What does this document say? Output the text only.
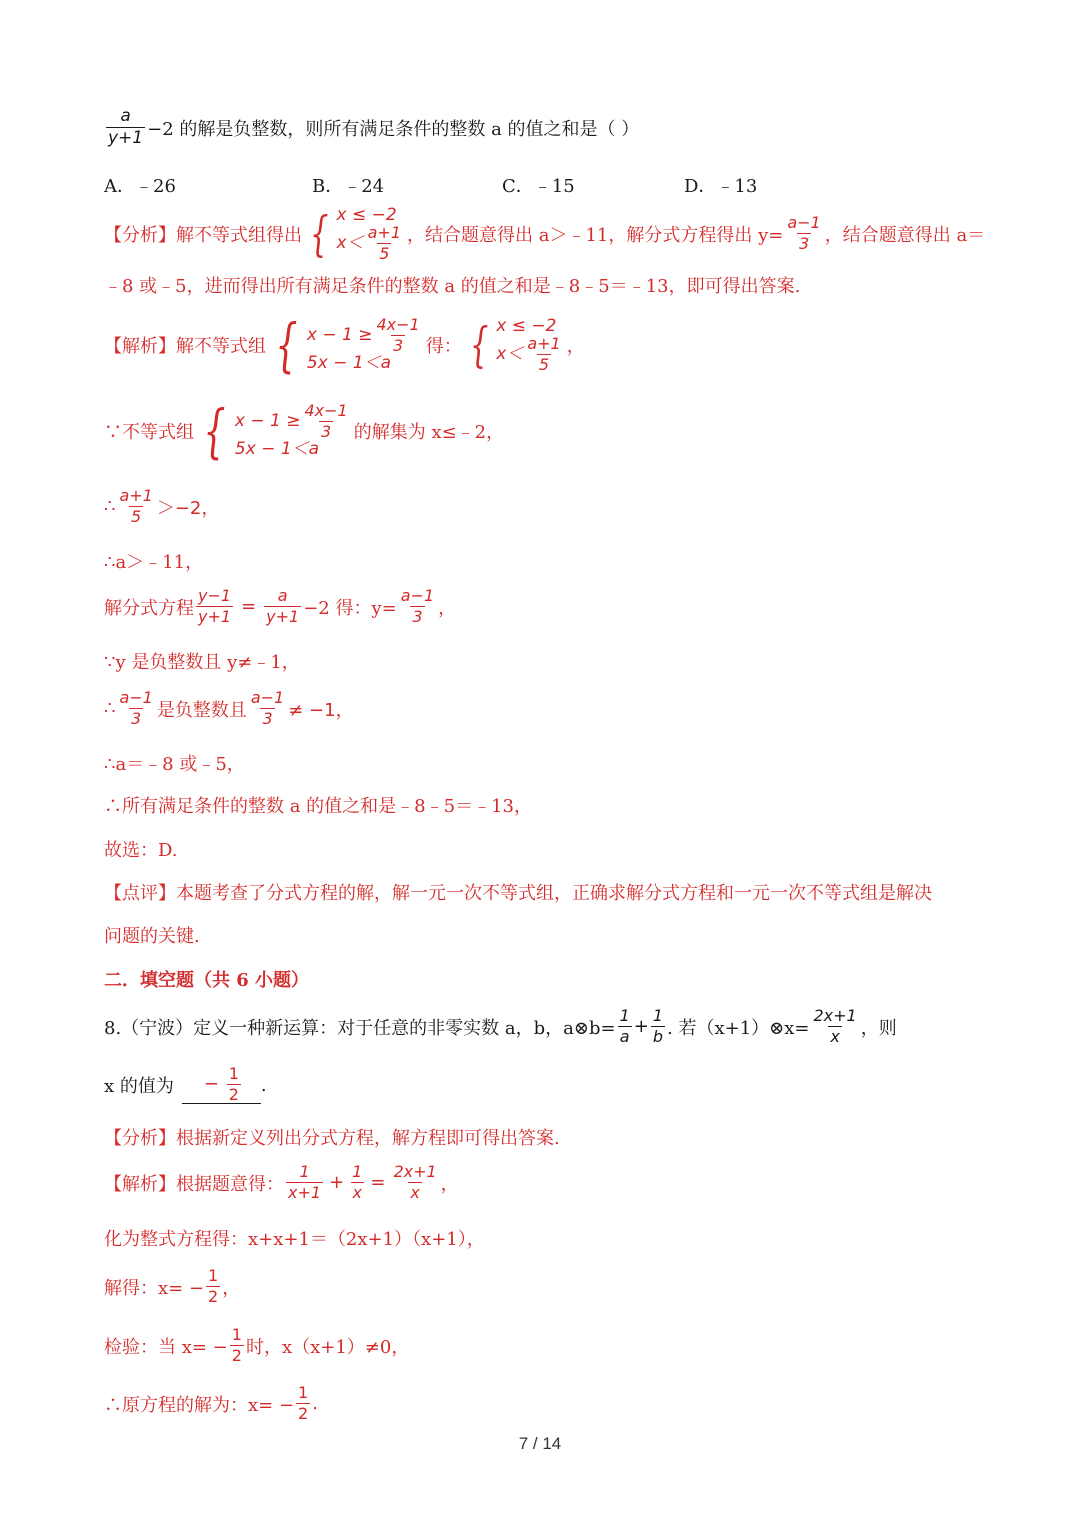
$\frac{a}{y+1} -2$ 的解是负整数，则所有满足条件的整数 a 的值之和是（ ）
A．﹣26	B．﹣24	C．﹣15	D．﹣13
【分析】 解不等式组得出 { x ≤ −2
$x< \frac{a+1}{5}$ ，结合题意得出 a＞﹣11，解分式方程得出 $y= \frac{a-1}{3}$ ，结合题意得出 a＝
﹣8 或﹣5，进而得出所有满足条件的整数 a 的值之和是﹣8﹣5＝﹣13，即可得出答案.
【解析】 解不等式组 { $x - 1 \ge \frac{4x-1}{3}$
5x − 1＜a
得： { x ≤ −2
$x< \frac{a+1}{5}$ ，
∵不等式组 { $x - 1 \ge \frac{4x-1}{3}$
5x − 1＜a
的解集为 x≤﹣2，
∴ $\frac{a+1}{5} >-2$，
∴a＞﹣11，
解分式方程 $\frac{y-1}{y+1} = \frac{a}{y+1} -2$ 得：$y= \frac{a-1}{3}$ ，
∵y 是负整数且 y≠﹣1，
∴ $\frac{a-1}{3}$ 是负整数且 $\frac{a-1}{3} \ne -1$，
∴a＝﹣8 或﹣5，
∴所有满足条件的整数 a 的值之和是﹣8﹣5＝﹣13，
故选：D.
【点评】 本题考查了分式方程的解，解一元一次不等式组，正确求解分式方程和一元一次不等式组是解决
问题的关键.
二．填空题（共 6 小题）
8.（宁波）定义一种新运算：对于任意的非零实数 a，b，a⊗b= $\frac{1}{a} + \frac{1}{b}$ . 若（x+1）⊗x= $\frac{2x+1}{x}$ ，则
x 的值为	− $\frac{1}{2}$ .
【分析】 根据新定义列出分式方程，解方程即可得出答案.
【解析】 根据题意得： $\frac{1}{x+1} + \frac{1}{x} = \frac{2x+1}{x}$ ，
化为整式方程得：x+x+1＝（2x+1）（x+1），
解得：$x= - \frac{1}{2}$ ，
检验：当 $x= - \frac{1}{2}$ 时，x（x+1）≠0，
∴原方程的解为：$x= - \frac{1}{2}$ .
7 / 14
